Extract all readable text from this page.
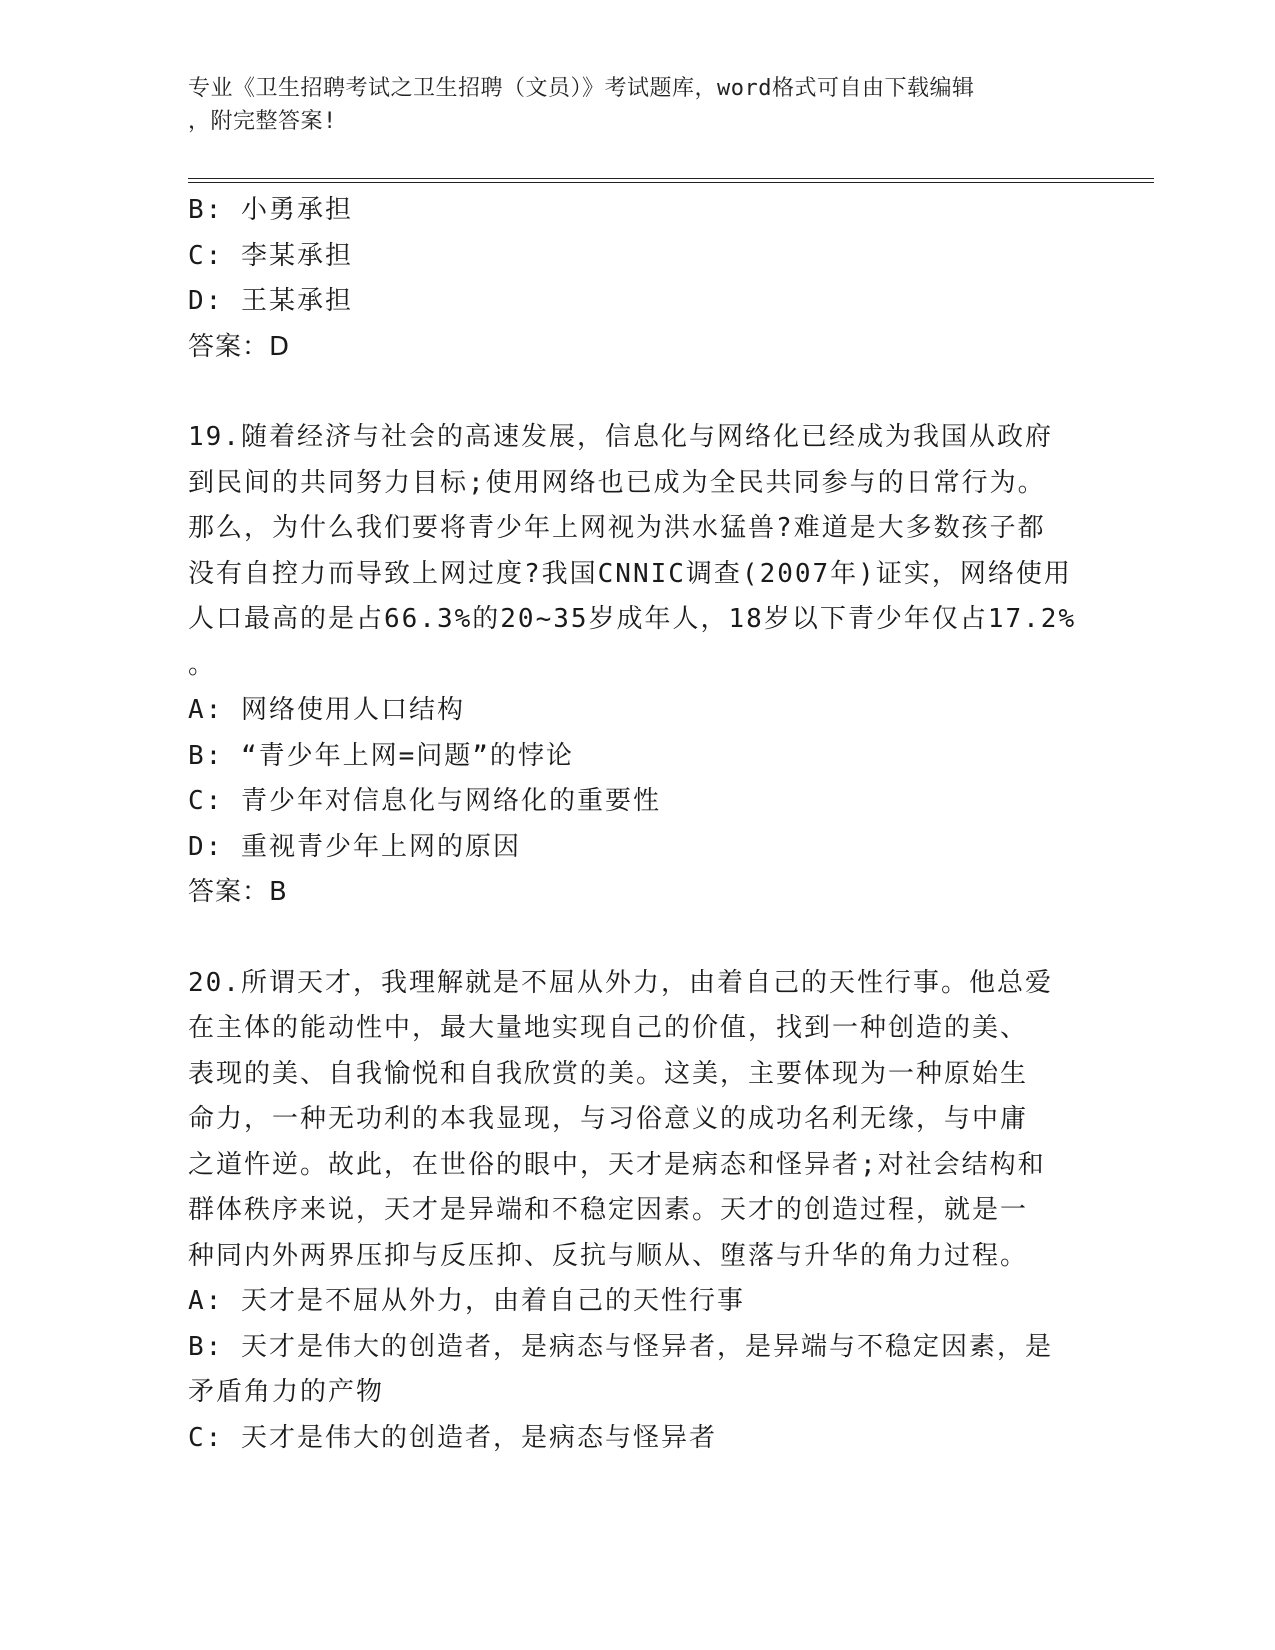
专业《卫生招聘考试之卫生招聘（文员）》考试题库，word格式可自由下载编辑
，附完整答案!
B: 小勇承担
C: 李某承担
D: 王某承担
答案：D
19.随着经济与社会的高速发展，信息化与网络化已经成为我国从政府
到民间的共同努力目标;使用网络也已成为全民共同参与的日常行为。
那么，为什么我们要将青少年上网视为洪水猛兽?难道是大多数孩子都
没有自控力而导致上网过度?我国CNNIC调查(2007年)证实，网络使用
人口最高的是占66.3%的20~35岁成年人，18岁以下青少年仅占17.2%
。
A: 网络使用人口结构
B: “青少年上网=问题”的悖论
C: 青少年对信息化与网络化的重要性
D: 重视青少年上网的原因
答案：B
20.所谓天才，我理解就是不屈从外力，由着自己的天性行事。他总爱
在主体的能动性中，最大量地实现自己的价值，找到一种创造的美、
表现的美、自我愉悦和自我欣赏的美。这美，主要体现为一种原始生
命力，一种无功利的本我显现，与习俗意义的成功名利无缘，与中庸
之道忤逆。故此，在世俗的眼中，天才是病态和怪异者;对社会结构和
群体秩序来说，天才是异端和不稳定因素。天才的创造过程，就是一
种同内外两界压抑与反压抑、反抗与顺从、堕落与升华的角力过程。
A: 天才是不屈从外力，由着自己的天性行事
B: 天才是伟大的创造者，是病态与怪异者，是异端与不稳定因素，是
矛盾角力的产物
C: 天才是伟大的创造者，是病态与怪异者
